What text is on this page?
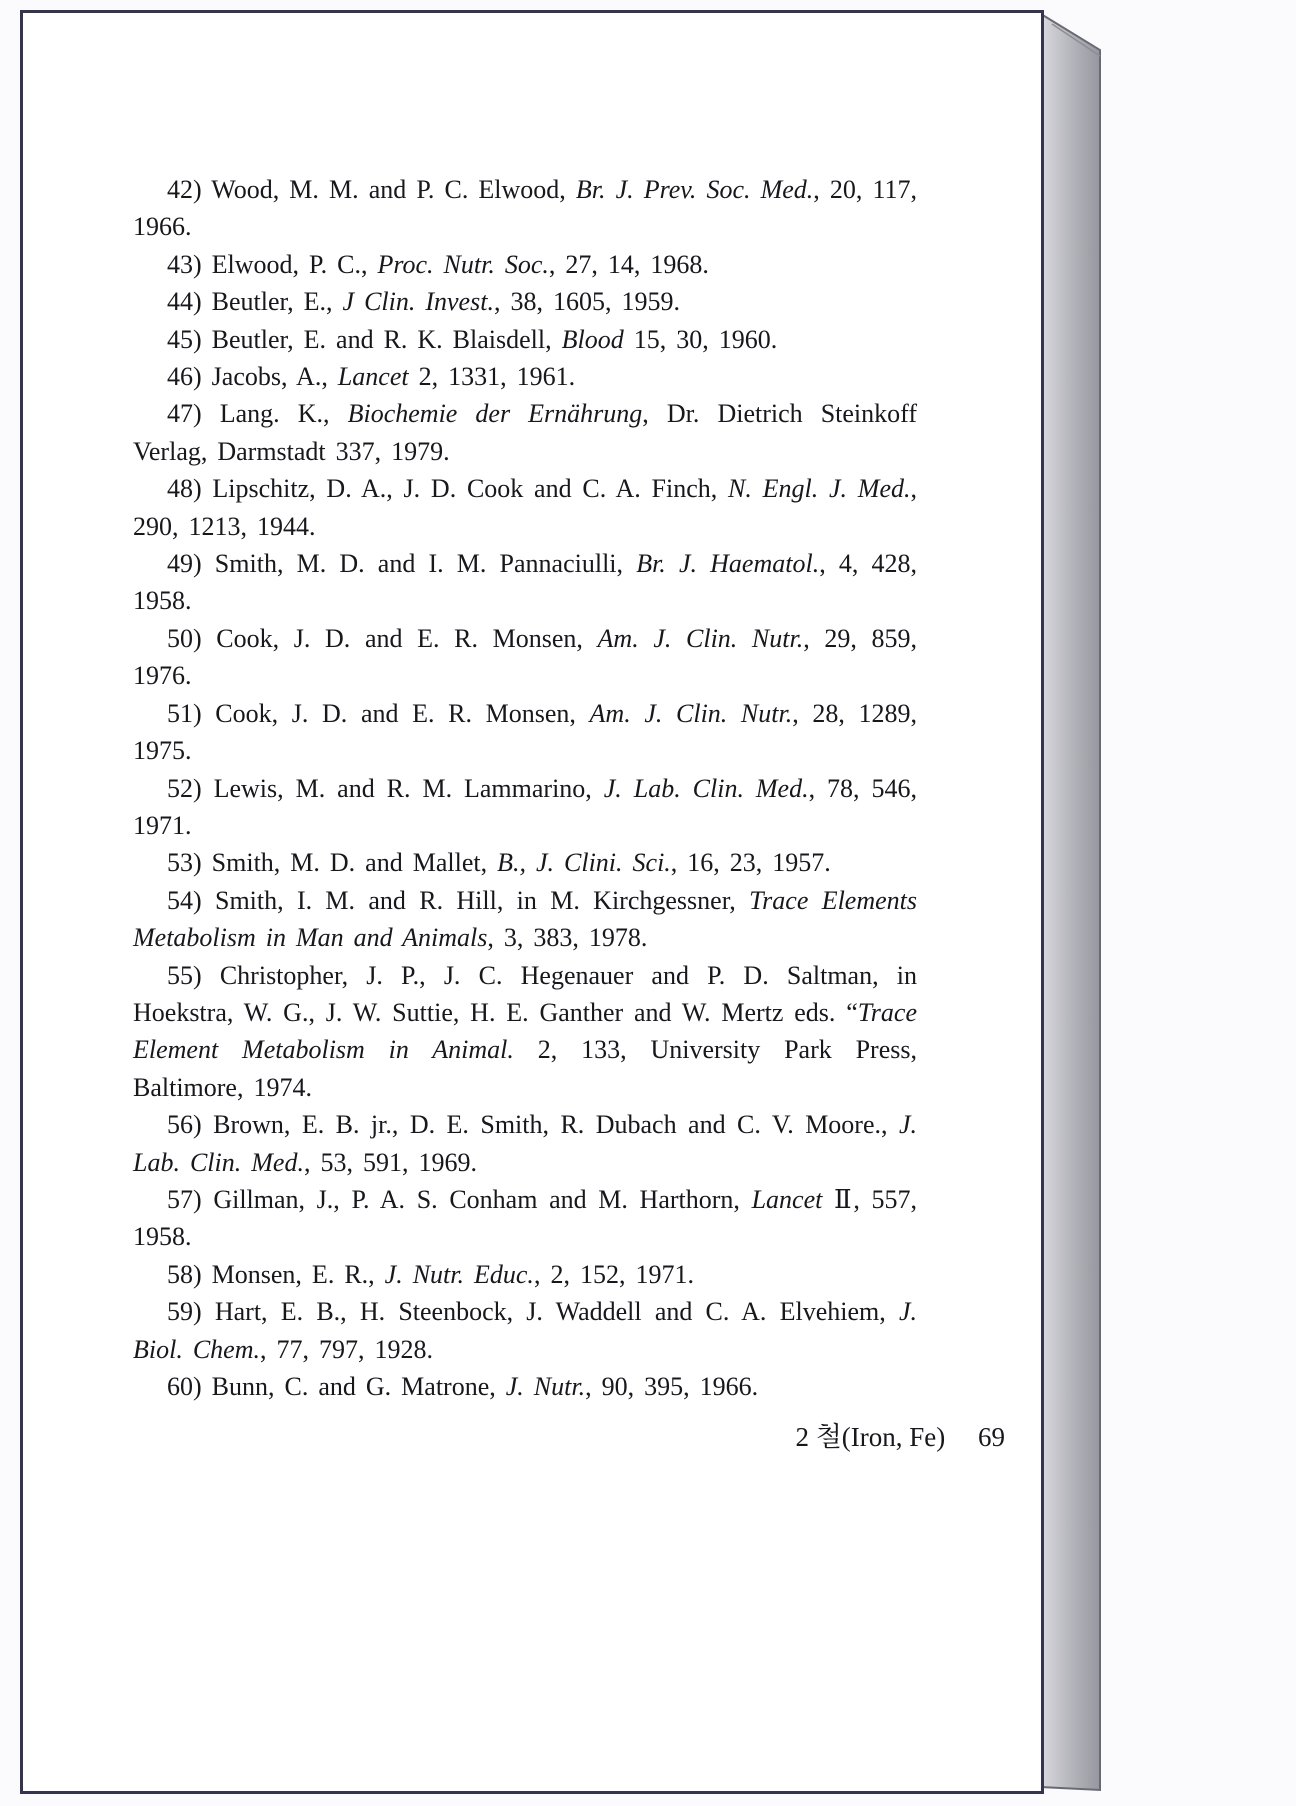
42) Wood, M. M. and P. C. Elwood, Br. J. Prev. Soc. Med., 20, 117, 1966.

43) Elwood, P. C., Proc. Nutr. Soc., 27, 14, 1968.

44) Beutler, E., J Clin. Invest., 38, 1605, 1959.

45) Beutler, E. and R. K. Blaisdell, Blood 15, 30, 1960.

46) Jacobs, A., Lancet 2, 1331, 1961.

47) Lang. K., Biochemie der Ernährung, Dr. Dietrich Steinkoff Verlag, Darmstadt 337, 1979.

48) Lipschitz, D. A., J. D. Cook and C. A. Finch, N. Engl. J. Med., 290, 1213, 1944.

49) Smith, M. D. and I. M. Pannaciulli, Br. J. Haematol., 4, 428, 1958.

50) Cook, J. D. and E. R. Monsen, Am. J. Clin. Nutr., 29, 859, 1976.

51) Cook, J. D. and E. R. Monsen, Am. J. Clin. Nutr., 28, 1289, 1975.

52) Lewis, M. and R. M. Lammarino, J. Lab. Clin. Med., 78, 546, 1971.

53) Smith, M. D. and Mallet, B., J. Clini. Sci., 16, 23, 1957.

54) Smith, I. M. and R. Hill, in M. Kirchgessner, Trace Elements Metabolism in Man and Animals, 3, 383, 1978.

55) Christopher, J. P., J. C. Hegenauer and P. D. Saltman, in Hoekstra, W. G., J. W. Suttie, H. E. Ganther and W. Mertz eds. “Trace Element Metabolism in Animal. 2, 133, University Park Press, Baltimore, 1974.

56) Brown, E. B. jr., D. E. Smith, R. Dubach and C. V. Moore., J. Lab. Clin. Med., 53, 591, 1969.

57) Gillman, J., P. A. S. Conham and M. Harthorn, Lancet Ⅱ, 557, 1958.

58) Monsen, E. R., J. Nutr. Educ., 2, 152, 1971.

59) Hart, E. B., H. Steenbock, J. Waddell and C. A. Elvehiem, J. Biol. Chem., 77, 797, 1928.

60) Bunn, C. and G. Matrone, J. Nutr., 90, 395, 1966.

2 철(Iron, Fe) 69
